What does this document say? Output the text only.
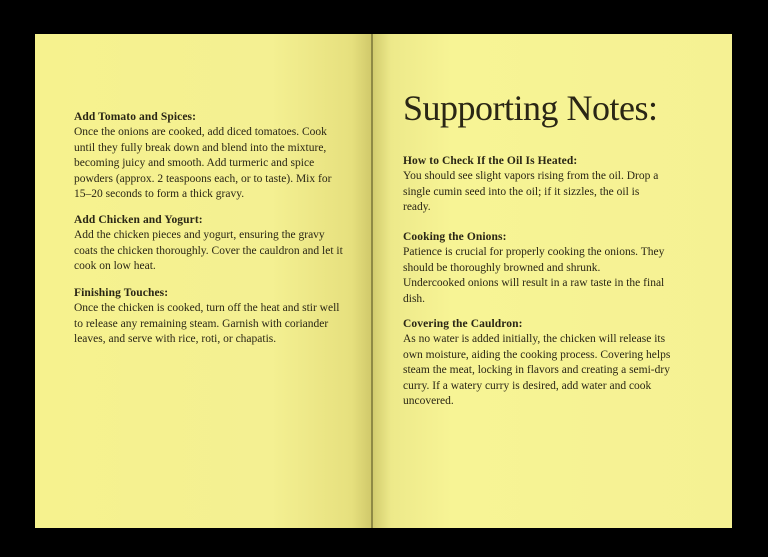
Add Tomato and Spices:

Once the onions are cooked, add diced tomatoes. Cook until they fully break down and blend into the mixture, becoming juicy and smooth. Add turmeric and spice powders (approx. 2 teaspoons each, or to taste). Mix for 15–20 seconds to form a thick gravy.

Add Chicken and Yogurt:

Add the chicken pieces and yogurt, ensuring the gravy coats the chicken thoroughly. Cover the cauldron and let it cook on low heat.

Finishing Touches:

Once the chicken is cooked, turn off the heat and stir well to release any remaining steam. Garnish with coriander leaves, and serve with rice, roti, or chapatis.

Supporting Notes:
How to Check If the Oil Is Heated:

You should see slight vapors rising from the oil. Drop a single cumin seed into the oil; if it sizzles, the oil is ready.

Cooking the Onions:

Patience is crucial for properly cooking the onions. They should be thoroughly browned and shrunk. Undercooked onions will result in a raw taste in the final dish.

Covering the Cauldron:

As no water is added initially, the chicken will release its own moisture, aiding the cooking process. Covering helps steam the meat, locking in flavors and creating a semi-dry curry. If a watery curry is desired, add water and cook uncovered.
